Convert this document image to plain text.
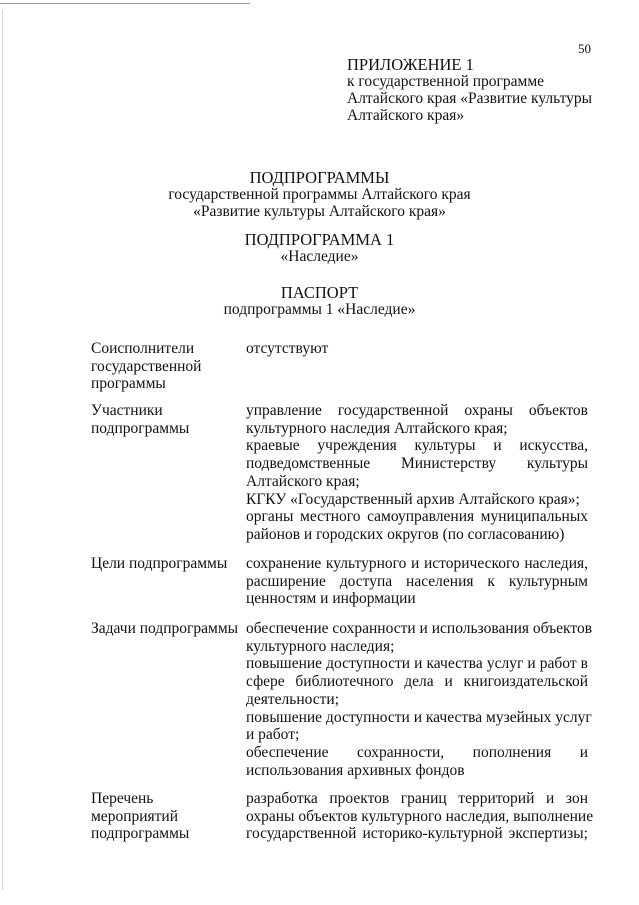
50
ПРИЛОЖЕНИЕ 1
к государственной программе
Алтайского края «Развитие культуры
Алтайского края»
ПОДПРОГРАММЫ
государственной программы Алтайского края
«Развитие культуры Алтайского края»
ПОДПРОГРАММА 1
«Наследие»
ПАСПОРТ
подпрограммы 1 «Наследие»
Соисполнители
государственной
программы
отсутствуют
Участники
подпрограммы
управление государственной охраны объектов
культурного наследия Алтайского края;
краевые учреждения культуры и искусства,
подведомственные Министерству культуры
Алтайского края;
КГКУ «Государственный архив Алтайского края»;
органы местного самоуправления муниципальных
районов и городских округов (по согласованию)
Цели подпрограммы	сохранение культурного и исторического наследия,
расширение доступа населения к культурным
ценностям и информации
Задачи подпрограммы обеспечение сохранности и использования объектов
культурного наследия;
повышение доступности и качества услуг и работ в
сфере библиотечного дела и книгоиздательской
деятельности;
повышение доступности и качества музейных услуг
и работ;
обеспечение сохранности, пополнения и
использования архивных фондов
Перечень
мероприятий
подпрограммы
разработка проектов границ территорий и зон
охраны объектов культурного наследия, выполнение
государственной историко-культурной экспертизы;
